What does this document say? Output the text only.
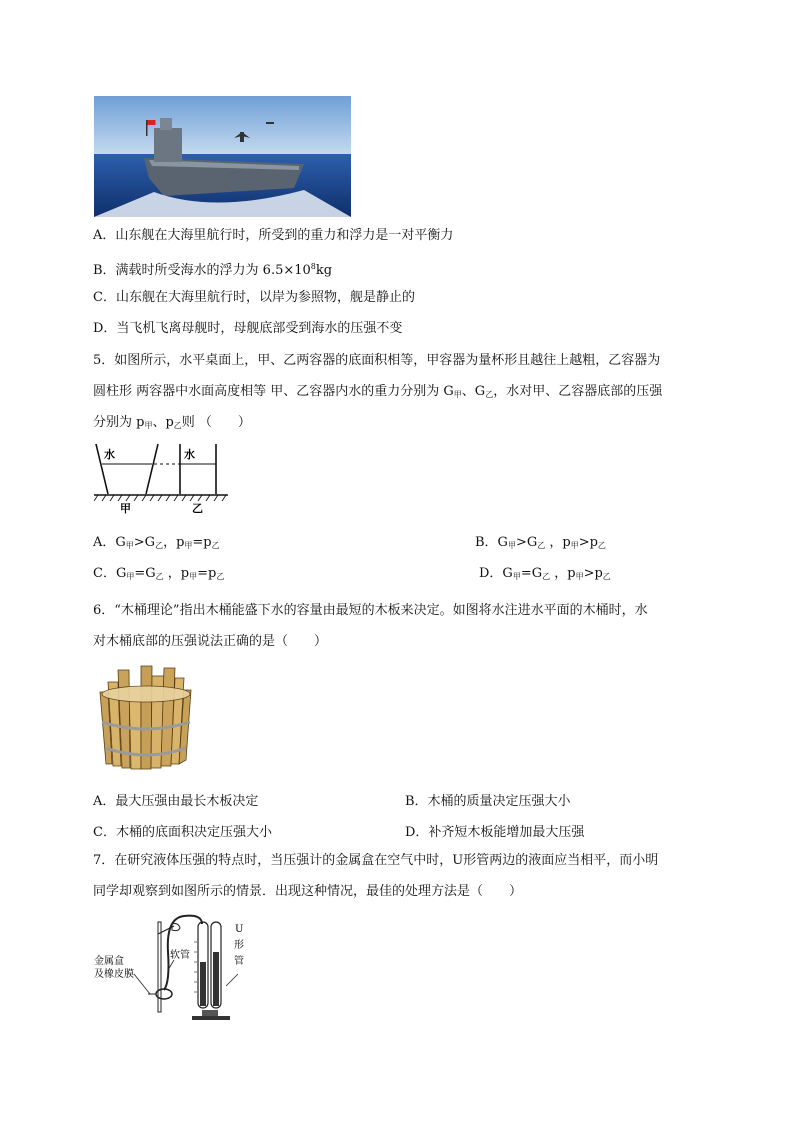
A．山东舰在大海里航行时，所受到的重力和浮力是一对平衡力
B．满载时所受海水的浮力为 $6.5\times 10^8kg$
C．山东舰在大海里航行时，以岸为参照物，舰是静止的
D．当飞机飞离母舰时，母舰底部受到海水的压强不变
5．如图所示，水平桌面上，甲、乙两容器的底面积相等，甲容器为量杯形且越往上越粗，乙容器为
圆柱形 两容器中水面高度相等 甲、乙容器内水的重力分别为 $G_甲$、$G_乙$，水对甲、乙容器底部的压强
分别为 $p_甲$、$p_乙$则 （　　）
水	水
甲	乙
A．$G_甲>G_乙$，$p_甲=p_乙$	B．$G_甲>G_乙$ ，$p_甲>p_乙$
C．$G_甲=G_乙$ ，$p_甲=p_乙$	D．$G_甲=G_乙$ ，$p_甲>p_乙$
6．“木桶理论”指出木桶能盛下水的容量由最短的木板来决定。如图将水注进水平面的木桶时，水
对木桶底部的压强说法正确的是（　　）
A．最大压强由最长木板决定	B．木桶的质量决定压强大小
C．木桶的底面积决定压强大小	D．补齐短木板能增加最大压强
7．在研究液体压强的特点时，当压强计的金属盒在空气中时，U形管两边的液面应当相平，而小明
同学却观察到如图所示的情景．出现这种情况，最佳的处理方法是（　　）
金属盒
及橡皮膜
软管
U
形
管
